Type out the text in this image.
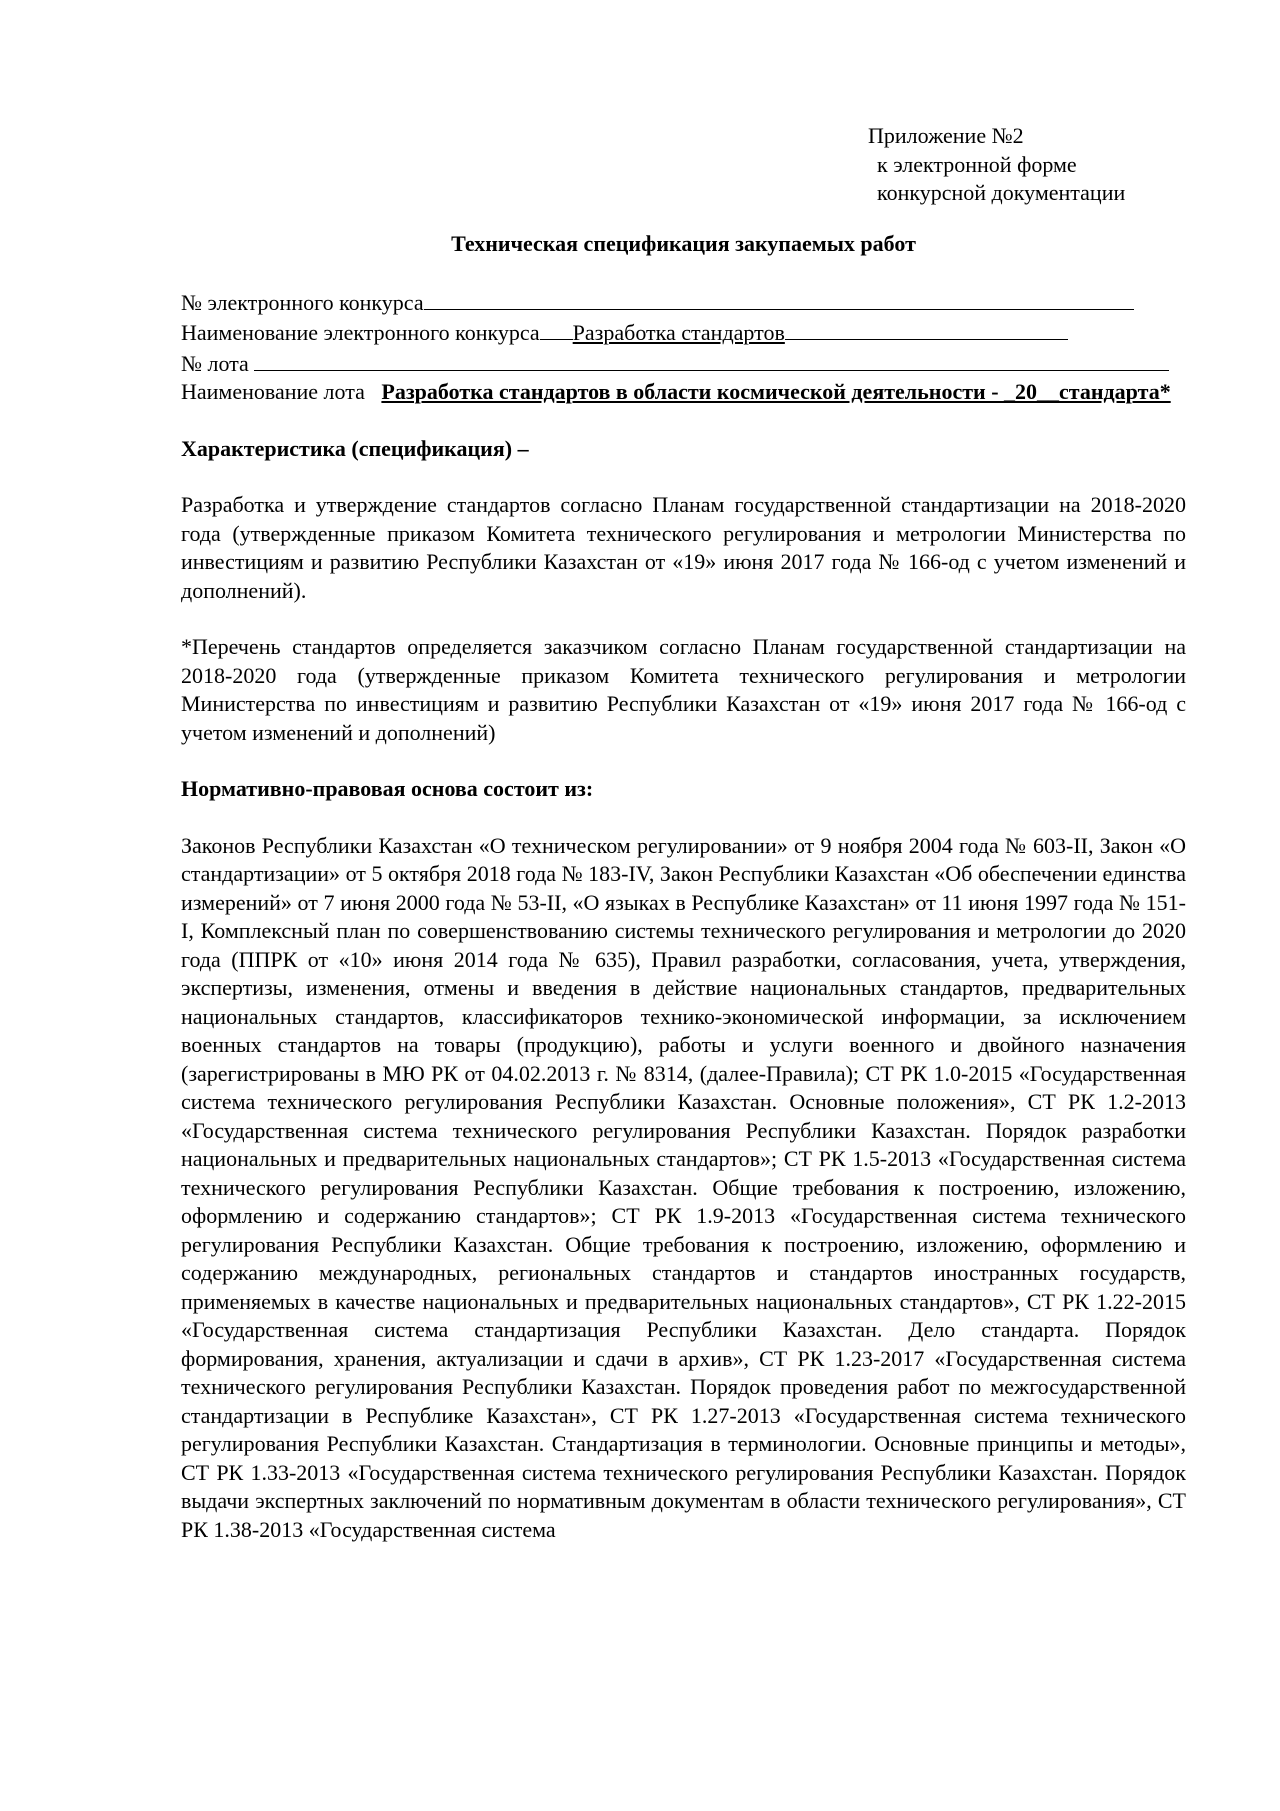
Приложение №2
к электронной форме
конкурсной документации
Техническая спецификация закупаемых работ
№ электронного конкурса
Наименование электронного конкурса Разработка стандартов
№ лота
Наименование лота Разработка стандартов в области космической деятельности - _20__стандарта*
Характеристика (спецификация) –
Разработка и утверждение стандартов согласно Планам государственной стандартизации на 2018-2020 года (утвержденные приказом Комитета технического регулирования и метрологии Министерства по инвестициям и развитию Республики Казахстан от «19» июня 2017 года № 166-од с учетом изменений и дополнений).
*Перечень стандартов определяется заказчиком согласно Планам государственной стандартизации на 2018-2020 года (утвержденные приказом Комитета технического регулирования и метрологии Министерства по инвестициям и развитию Республики Казахстан от «19» июня 2017 года № 166-од с учетом изменений и дополнений)
Нормативно-правовая основа состоит из:
Законов Республики Казахстан «О техническом регулировании» от 9 ноября 2004 года № 603-II, Закон «О стандартизации» от 5 октября 2018 года № 183-IV, Закон Республики Казахстан «Об обеспечении единства измерений» от 7 июня 2000 года № 53-II, «О языках в Республике Казахстан» от 11 июня 1997 года № 151-I, Комплексный план по совершенствованию системы технического регулирования и метрологии до 2020 года (ППРК от «10» июня 2014 года № 635), Правил разработки, согласования, учета, утверждения, экспертизы, изменения, отмены и введения в действие национальных стандартов, предварительных национальных стандартов, классификаторов технико-экономической информации, за исключением военных стандартов на товары (продукцию), работы и услуги военного и двойного назначения (зарегистрированы в МЮ РК от 04.02.2013 г. № 8314, (далее-Правила); СТ РК 1.0-2015 «Государственная система технического регулирования Республики Казахстан. Основные положения», СТ РК 1.2-2013 «Государственная система технического регулирования Республики Казахстан. Порядок разработки национальных и предварительных национальных стандартов»; СТ РК 1.5-2013 «Государственная система технического регулирования Республики Казахстан. Общие требования к построению, изложению, оформлению и содержанию стандартов»; СТ РК 1.9-2013 «Государственная система технического регулирования Республики Казахстан. Общие требования к построению, изложению, оформлению и содержанию международных, региональных стандартов и стандартов иностранных государств, применяемых в качестве национальных и предварительных национальных стандартов», СТ РК 1.22-2015 «Государственная система стандартизация Республики Казахстан. Дело стандарта. Порядок формирования, хранения, актуализации и сдачи в архив», СТ РК 1.23-2017 «Государственная система технического регулирования Республики Казахстан. Порядок проведения работ по межгосударственной стандартизации в Республике Казахстан», СТ РК 1.27-2013 «Государственная система технического регулирования Республики Казахстан. Стандартизация в терминологии. Основные принципы и методы», СТ РК 1.33-2013 «Государственная система технического регулирования Республики Казахстан. Порядок выдачи экспертных заключений по нормативным документам в области технического регулирования», СТ РК 1.38-2013 «Государственная система
